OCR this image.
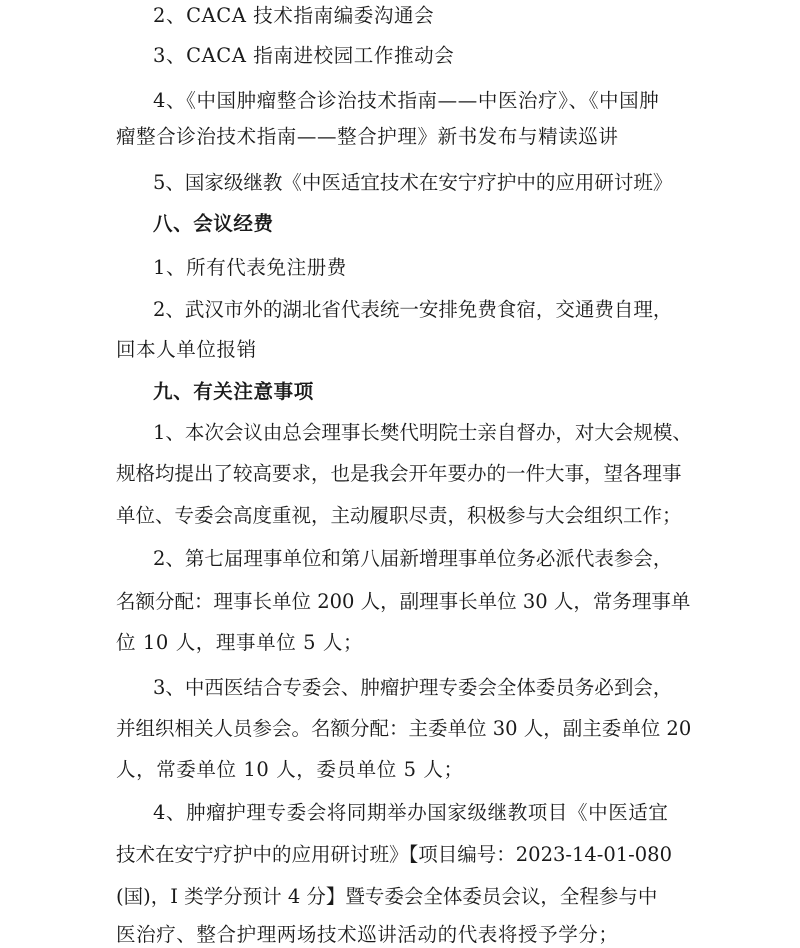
2、CACA 技术指南编委沟通会
3、CACA 指南进校园工作推动会
4、《中国肿瘤整合诊治技术指南——中医治疗》、《中国肿
瘤整合诊治技术指南——整合护理》新书发布与精读巡讲
5、国家级继教《中医适宜技术在安宁疗护中的应用研讨班》
八、会议经费
1、所有代表免注册费
2、武汉市外的湖北省代表统一安排免费食宿，交通费自理，
回本人单位报销
九、有关注意事项
1、本次会议由总会理事长樊代明院士亲自督办，对大会规模、
规格均提出了较高要求，也是我会开年要办的一件大事，望各理事
单位、专委会高度重视，主动履职尽责，积极参与大会组织工作；
2、第七届理事单位和第八届新增理事单位务必派代表参会，
名额分配：理事长单位 200 人，副理事长单位 30 人，常务理事单
位 10 人，理事单位 5 人；
3、中西医结合专委会、肿瘤护理专委会全体委员务必到会，
并组织相关人员参会。名额分配：主委单位 30 人，副主委单位 20
人，常委单位 10 人，委员单位 5 人；
4、肿瘤护理专委会将同期举办国家级继教项目《中医适宜
技术在安宁疗护中的应用研讨班》【项目编号：2023-14-01-080
(国)，I 类学分预计 4 分】暨专委会全体委员会议，全程参与中
医治疗、整合护理两场技术巡讲活动的代表将授予学分；
